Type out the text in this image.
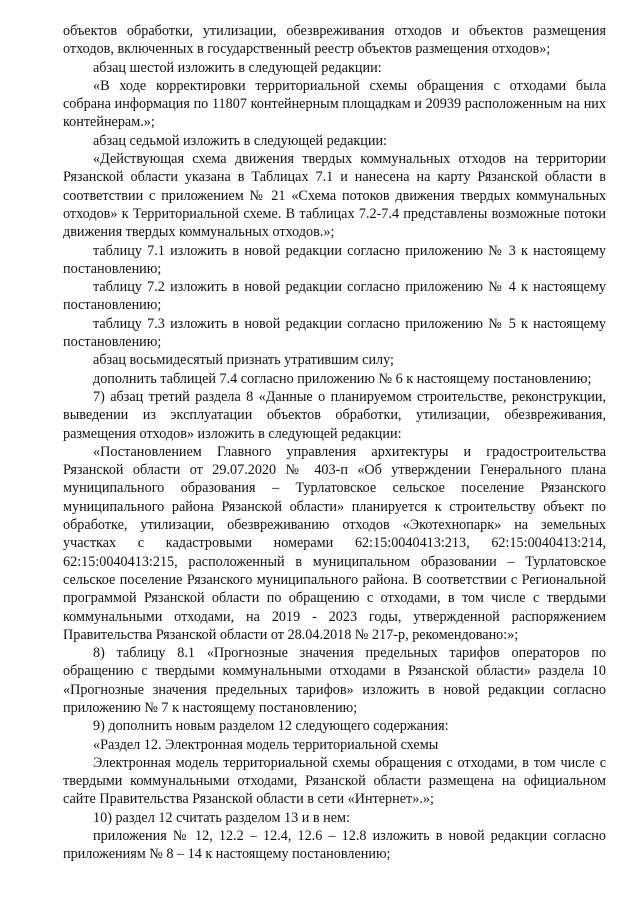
объектов обработки, утилизации, обезвреживания отходов и объектов размещения отходов, включенных в государственный реестр объектов размещения отходов»;

абзац шестой изложить в следующей редакции:

«В ходе корректировки территориальной схемы обращения с отходами была собрана информация по 11807 контейнерным площадкам и 20939 расположенным на них контейнерам.»;

абзац седьмой изложить в следующей редакции:

«Действующая схема движения твердых коммунальных отходов на территории Рязанской области указана в Таблицах 7.1 и нанесена на карту Рязанской области в соответствии с приложением № 21 «Схема потоков движения твердых коммунальных отходов» к Территориальной схеме. В таблицах 7.2-7.4 представлены возможные потоки движения твердых коммунальных отходов.»;

таблицу 7.1 изложить в новой редакции согласно приложению № 3 к настоящему постановлению;

таблицу 7.2 изложить в новой редакции согласно приложению № 4 к настоящему постановлению;

таблицу 7.3 изложить в новой редакции согласно приложению № 5 к настоящему постановлению;

абзац восьмидесятый признать утратившим силу;

дополнить таблицей 7.4 согласно приложению № 6 к настоящему постановлению;

7) абзац третий раздела 8 «Данные о планируемом строительстве, реконструкции, выведении из эксплуатации объектов обработки, утилизации, обезвреживания, размещения отходов» изложить в следующей редакции:

«Постановлением Главного управления архитектуры и градостроительства Рязанской области от 29.07.2020 № 403-п «Об утверждении Генерального плана муниципального образования – Турлатовское сельское поселение Рязанского муниципального района Рязанской области» планируется к строительству объект по обработке, утилизации, обезвреживанию отходов «Экотехнопарк» на земельных участках с кадастровыми номерами 62:15:0040413:213, 62:15:0040413:214, 62:15:0040413:215, расположенный в муниципальном образовании – Турлатовское сельское поселение Рязанского муниципального района. В соответствии с Региональной программой Рязанской области по обращению с отходами, в том числе с твердыми коммунальными отходами, на 2019 - 2023 годы, утвержденной распоряжением Правительства Рязанской области от 28.04.2018 № 217-р, рекомендовано:»;

8) таблицу 8.1 «Прогнозные значения предельных тарифов операторов по обращению с твердыми коммунальными отходами в Рязанской области» раздела 10 «Прогнозные значения предельных тарифов» изложить в новой редакции согласно приложению № 7 к настоящему постановлению;

9) дополнить новым разделом 12 следующего содержания:

«Раздел 12. Электронная модель территориальной схемы

Электронная модель территориальной схемы обращения с отходами, в том числе с твердыми коммунальными отходами, Рязанской области размещена на официальном сайте Правительства Рязанской области в сети «Интернет».»;

10) раздел 12 считать разделом 13 и в нем:

приложения № 12, 12.2 – 12.4, 12.6 – 12.8 изложить в новой редакции согласно приложениям № 8 – 14 к настоящему постановлению;
